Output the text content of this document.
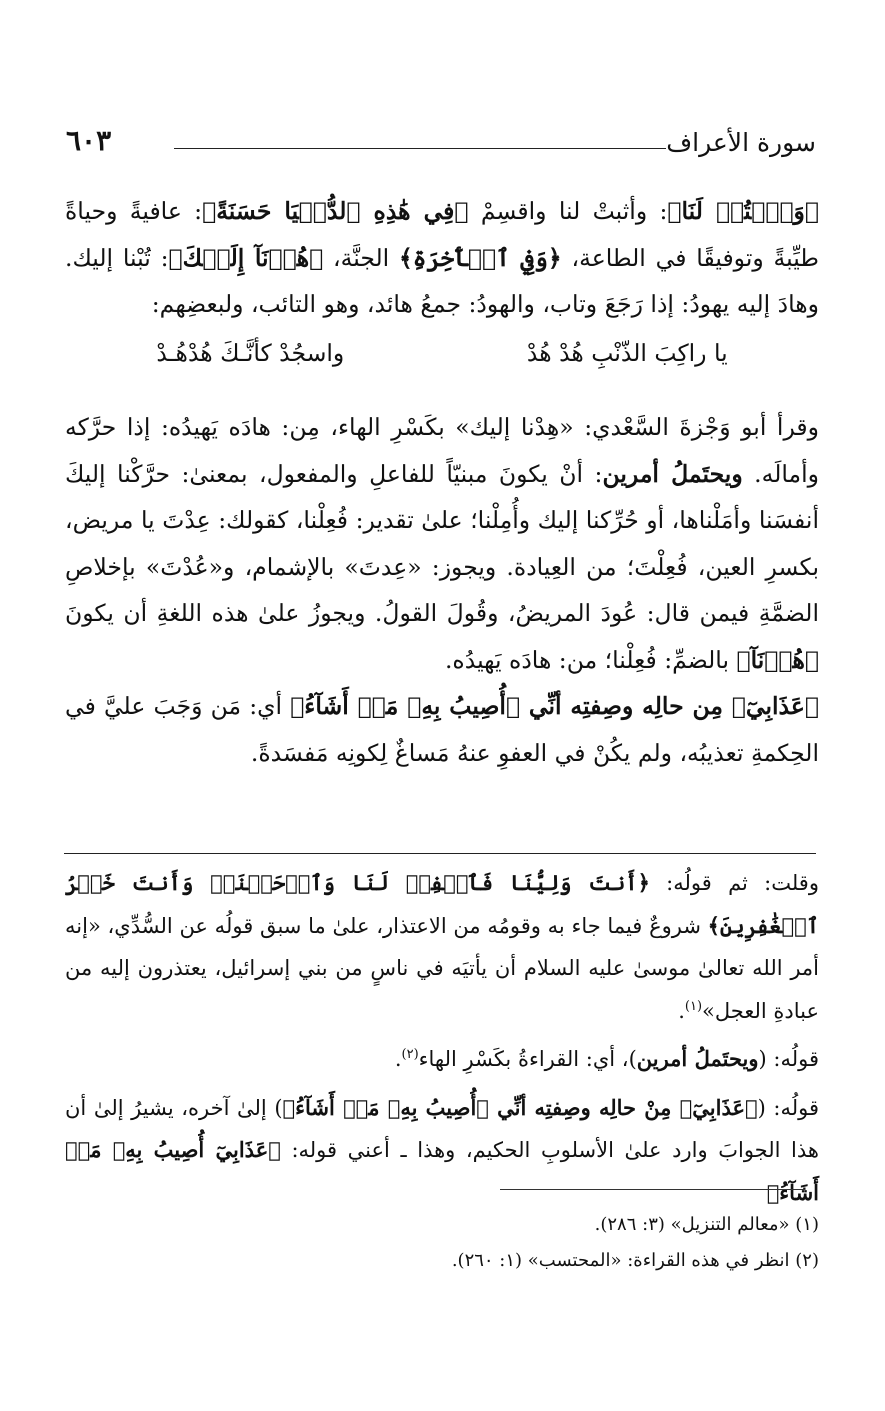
سورة الأعراف
٦٠٣

﴿وَٱكۡتُبۡ لَنَا﴾: وأثبتْ لنا واقسِمْ ﴿فِي هَٰذِهِ ٱلدُّنۡيَا حَسَنَةً﴾: عافيةً وحياةً طيِّبةً وتوفيقًا في الطاعة، ﴿وَفِي ٱلۡأٓخِرَةِ﴾ الجنَّة، ﴿هُدۡنَآ إِلَيۡكَ﴾: تُبْنا إليك. وهادَ إليه يهودُ: إذا رَجَعَ وتاب، والهودُ: جمعُ هائد، وهو التائب، ولبعضِهم:

يا راكِبَ الذّنْبِ هُدْ هُدْ
واسجُدْ كأنَّـكَ هُدْهُـدْ

وقرأ أبو وَجْزةَ السَّعْدي: «هِدْنا إليك» بكَسْرِ الهاء، مِن: هادَه يَهيدُه: إذا حرَّكه وأمالَه. ويحتَملُ أمرين: أنْ يكونَ مبنيّاً للفاعلِ والمفعول، بمعنىٰ: حرَّكْنا إليكَ أنفسَنا وأمَلْناها، أو حُرِّكنا إليك وأُمِلْنا؛ علىٰ تقدير: فُعِلْنا، كقولك: عِدْتَ يا مريض، بكسرِ العين، فُعِلْتَ؛ من العِيادة. ويجوز: «عِدتَ» بالإشمام، و«عُدْتَ» بإخلاصِ الضمَّةِ فيمن قال: عُودَ المريضُ، وقُولَ القولُ. ويجوزُ علىٰ هذه اللغةِ أن يكونَ ﴿هُدۡنَآ﴾ بالضمِّ: فُعِلْنا؛ من: هادَه يَهيدُه.

﴿عَذَابِيٓ﴾ مِن حالِه وصِفتِه أنِّي ﴿أُصِيبُ بِهِۦ مَنۡ أَشَآءُ﴾ أي: مَن وَجَبَ عليَّ في الحِكمةِ تعذيبُه، ولم يكُنْ في العفوِ عنهُ مَساغٌ لِكونِه مَفسَدةً.

وقلت: ثم قولُه: ﴿أَنتَ وَلِيُّنَا فَٱغۡفِرۡ لَنَا وَٱرۡحَمۡنَاۖ وَأَنتَ خَيۡرُ ٱلۡغَٰفِرِينَ﴾ شروعٌ فيما جاء به وقومُه من الاعتذار، علىٰ ما سبق قولُه عن السُّدِّي، «إنه أمر الله تعالىٰ موسىٰ عليه السلام أن يأتيَه في ناسٍ من بني إسرائيل، يعتذرون إليه من عبادةِ العجل»$^{(١)}$.

قولُه: (ويحتَملُ أمرين)، أي: القراءةُ بكَسْرِ الهاء$^{(٢)}$.

قولُه: (﴿عَذَابِيٓ﴾ مِنْ حالِه وصِفتِه أنِّي ﴿أُصِيبُ بِهِۦ مَنۡ أَشَآءُ﴾) إلىٰ آخره، يشيرُ إلىٰ أن هذا الجوابَ وارد علىٰ الأسلوبِ الحكيم، وهذا ـ أعني قوله: ﴿عَذَابِيٓ أُصِيبُ بِهِۦ مَنۡ أَشَآءُ﴾

(١) «معالم التنزيل» (٣: ٢٨٦).
(٢) انظر في هذه القراءة: «المحتسب» (١: ٢٦٠).
